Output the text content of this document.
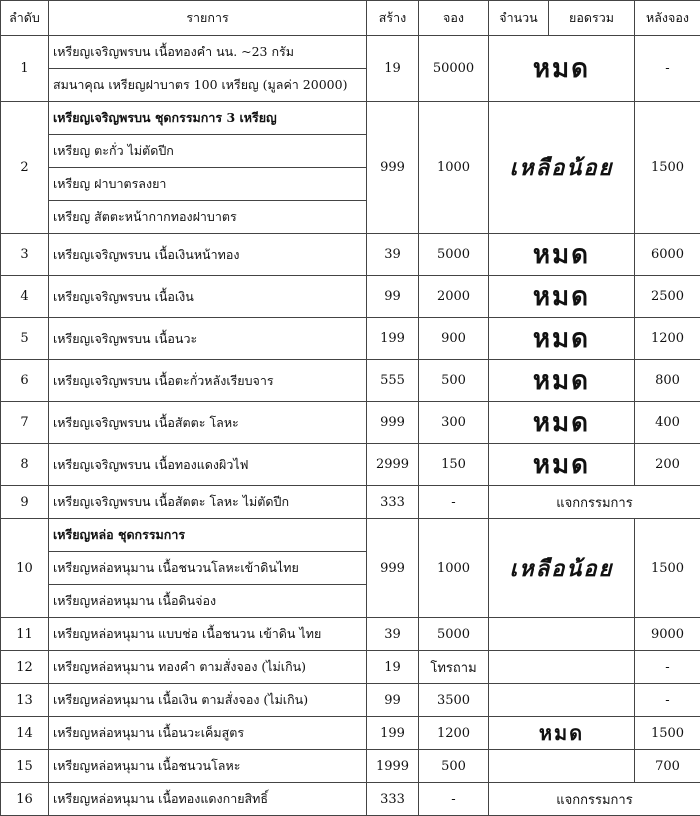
ลำดับ	รายการ	สร้าง	จอง	จำนวน	ยอดรวม	หลังจอง
1	เหรียญเจริญพรบน เนื้อทองคำ นน. ~23 กรัม	19	50000	หมด		-
	สมนาคุณ เหรียญฝาบาตร 100 เหรียญ (มูลค่า 20000)					
2	เหรียญเจริญพรบน ชุดกรรมการ 3 เหรียญ	999	1000	เหลือน้อย		1500
	เหรียญ ตะกั่ว ไม่ตัดปีก					
	เหรียญ ฝาบาตรลงยา					
	เหรียญ สัตตะหน้ากากทองฝาบาตร					
3	เหรียญเจริญพรบน เนื้อเงินหน้าทอง	39	5000	หมด		6000
4	เหรียญเจริญพรบน เนื้อเงิน	99	2000	หมด		2500
5	เหรียญเจริญพรบน เนื้อนวะ	199	900	หมด		1200
6	เหรียญเจริญพรบน เนื้อตะกั่วหลังเรียบจาร	555	500	หมด		800
7	เหรียญเจริญพรบน เนื้อสัตตะ โลหะ	999	300	หมด		400
8	เหรียญเจริญพรบน เนื้อทองแดงผิวไฟ	2999	150	หมด		200
9	เหรียญเจริญพรบน เนื้อสัตตะ โลหะ ไม่ตัดปีก	333	-	แจกกรรมการ		
10	เหรียญหล่อ ชุดกรรมการ	999	1000	เหลือน้อย		1500
	เหรียญหล่อหนุมาน เนื้อชนวนโลหะเข้าดินไทย					
	เหรียญหล่อหนุมาน เนื้อดินจ่อง					
11	เหรียญหล่อหนุมาน แบบช่อ เนื้อชนวน เข้าดิน ไทย	39	5000			9000
12	เหรียญหล่อหนุมาน ทองคำ ตามสั่งจอง (ไม่เกิน)	19	โทรถาม			-
13	เหรียญหล่อหนุมาน เนื้อเงิน ตามสั่งจอง (ไม่เกิน)	99	3500			-
14	เหรียญหล่อหนุมาน เนื้อนวะเค็มสูตร	199	1200	หมด		1500
15	เหรียญหล่อหนุมาน เนื้อชนวนโลหะ	1999	500			700
16	เหรียญหล่อหนุมาน เนื้อทองแดงกายสิทธิ์	333	-	แจกกรรมการ		
